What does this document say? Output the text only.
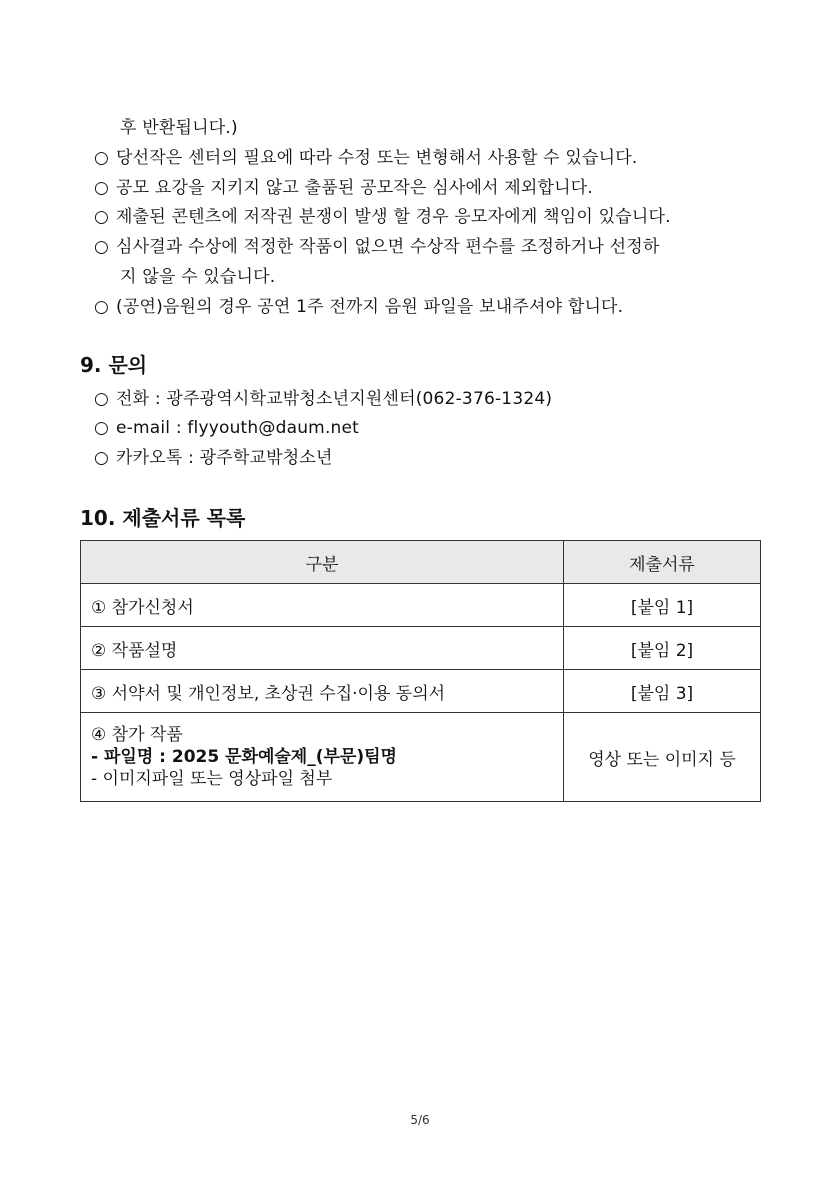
후 반환됩니다.)
○ 당선작은 센터의 필요에 따라 수정 또는 변형해서 사용할 수 있습니다.
○ 공모 요강을 지키지 않고 출품된 공모작은 심사에서 제외합니다.
○ 제출된 콘텐츠에 저작권 분쟁이 발생 할 경우 응모자에게 책임이 있습니다.
○ 심사결과 수상에 적정한 작품이 없으면 수상작 편수를 조정하거나 선정하
지 않을 수 있습니다.
○ (공연)음원의 경우 공연 1주 전까지 음원 파일을 보내주셔야 합니다.
9. 문의
○ 전화 : 광주광역시학교밖청소년지원센터(062-376-1324)
○ e-mail : flyyouth@daum.net
○ 카카오톡 : 광주학교밖청소년
10. 제출서류 목록
구분	제출서류
① 참가신청서	[붙임 1]
② 작품설명	[붙임 2]
③ 서약서 및 개인정보, 초상권 수집·이용 동의서	[붙임 3]

④ 참가 작품
- 파일명 : 2025 문화예술제_(부문)팀명
- 이미지파일 또는 영상파일 첨부	영상 또는 이미지 등
5/6
